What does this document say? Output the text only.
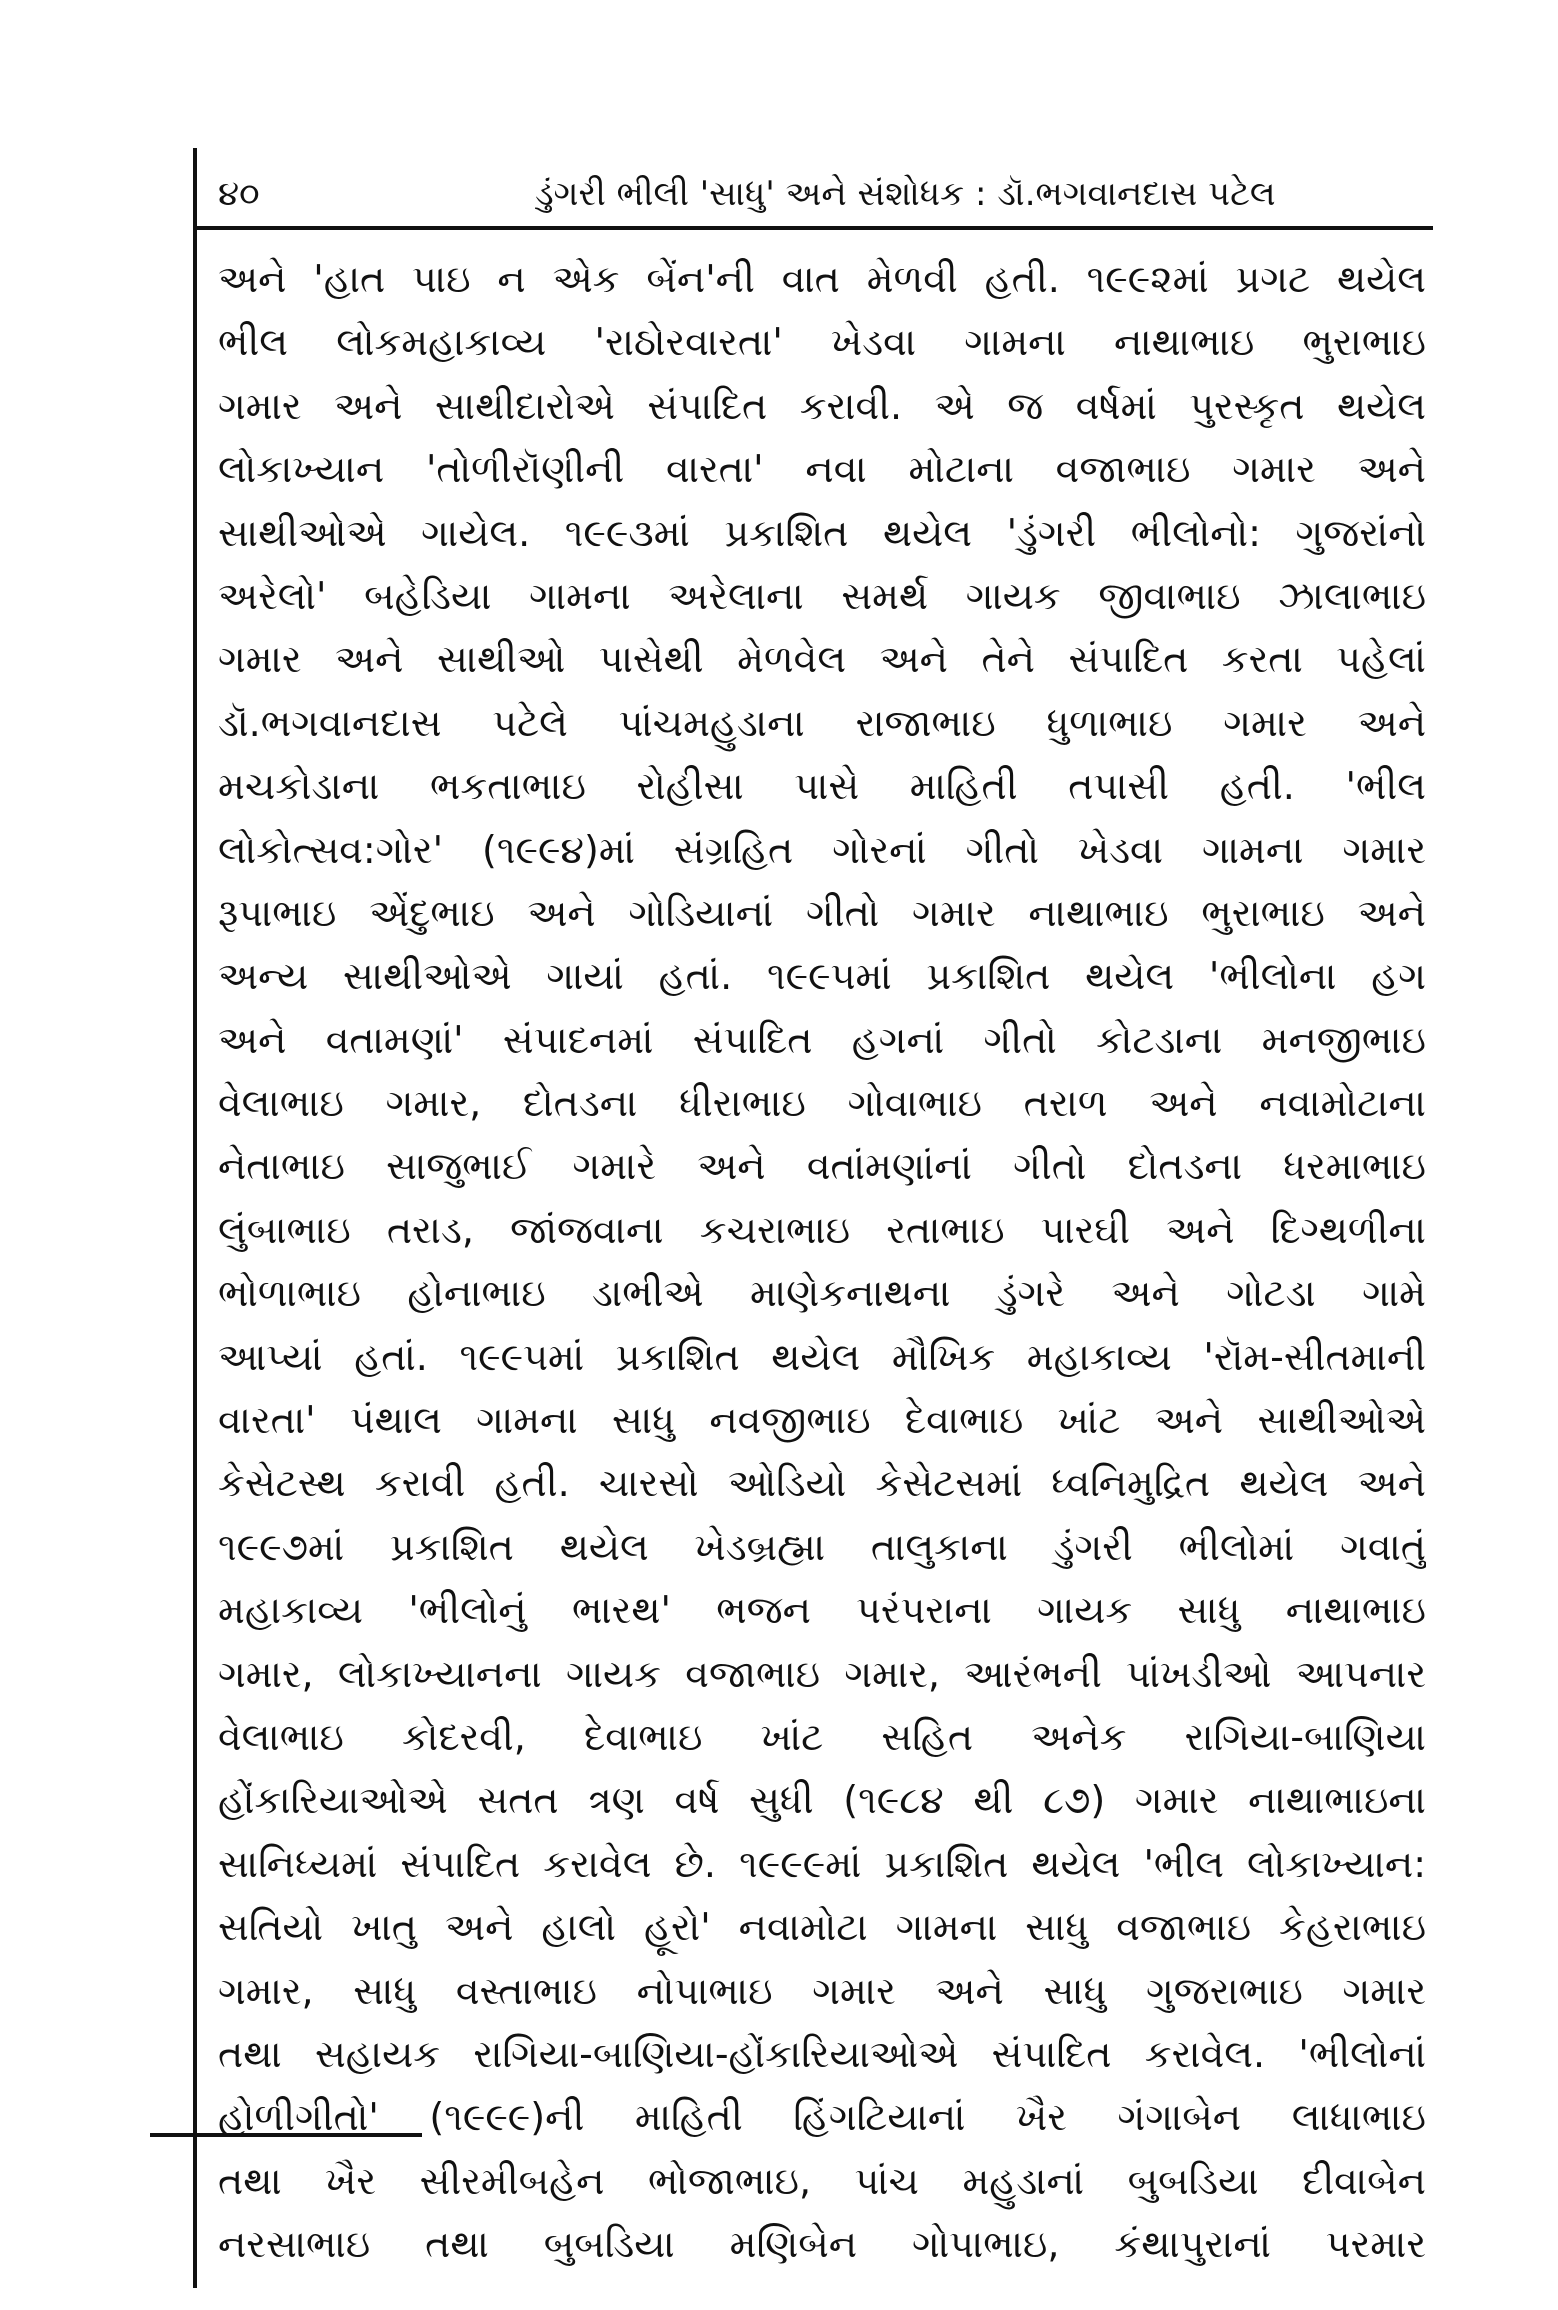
૪૦	ડુંગરી ભીલી 'સાધુ' અને સંશોધક : ડૉ.ભગવાનદાસ પટેલ
અને 'હાત પાઇ ન એક બેંન'ની વાત મેળવી હતી. ૧૯૯૨માં પ્રગટ થયેલ
ભીલ લોકમહાકાવ્ય 'રાઠોરવારતા' ખેડવા ગામના નાથાભાઇ ભુરાભાઇ
ગમાર અને સાથીદારોએ સંપાદિત કરાવી. એ જ વર્ષમાં પુરસ્કૃત થયેલ
લોકાખ્યાન 'તોળીરૉણીની વારતા' નવા મોટાના વજાભાઇ ગમાર અને
સાથીઓએ ગાયેલ. ૧૯૯૩માં પ્રકાશિત થયેલ 'ડુંગરી ભીલોનો: ગુજરાંનો
અરેલો' બહેડિયા ગામના અરેલાના સમર્થ ગાયક જીવાભાઇ ઝાલાભાઇ
ગમાર અને સાથીઓ પાસેથી મેળવેલ અને તેને સંપાદિત કરતા પહેલાં
ડૉ.ભગવાનદાસ પટેલે પાંચમહુડાના રાજાભાઇ ધુળાભાઇ ગમાર અને
મચકોડાના ભકતાભાઇ રોહીસા પાસે માહિતી તપાસી હતી. 'ભીલ
લોકોત્સવ:ગોર' (૧૯૯૪)માં સંગ્રહિત ગોરનાં ગીતો ખેડવા ગામના ગમાર
રૂપાભાઇ એંદુભાઇ અને ગોડિયાનાં ગીતો ગમાર નાથાભાઇ ભુરાભાઇ અને
અન્ય સાથીઓએ ગાયાં હતાં. ૧૯૯૫માં પ્રકાશિત થયેલ 'ભીલોના હગ
અને વતામણાં' સંપાદનમાં સંપાદિત હગનાં ગીતો કોટડાના મનજીભાઇ
વેલાભાઇ ગમાર, દોતડના ધીરાભાઇ ગોવાભાઇ તરાળ અને નવામોટાના
નેતાભાઇ સાજુભાઈ ગમારે અને વતાંમણાંનાં ગીતો દોતડના ધરમાભાઇ
લુંબાભાઇ તરાડ, જાંજવાના કચરાભાઇ રતાભાઇ પારઘી અને દિગ્થળીના
ભોળાભાઇ હોનાભાઇ ડાભીએ માણેકનાથના ડુંગરે અને ગોટડા ગામે
આપ્યાં હતાં. ૧૯૯૫માં પ્રકાશિત થયેલ મૌખિક મહાકાવ્ય 'રૉમ-સીતમાની
વારતા' પંથાલ ગામના સાધુ નવજીભાઇ દેવાભાઇ ખાંટ અને સાથીઓએ
કેસેટસ્થ કરાવી હતી. ચારસો ઓડિયો કેસેટસમાં ધ્વનિમુદ્રિત થયેલ અને
૧૯૯૭માં પ્રકાશિત થયેલ ખેડબ્રહ્મા તાલુકાના ડુંગરી ભીલોમાં ગવાતું
મહાકાવ્ય 'ભીલોનું ભારથ' ભજન પરંપરાના ગાયક સાધુ નાથાભાઇ
ગમાર, લોકાખ્યાનના ગાયક વજાભાઇ ગમાર, આરંભની પાંખડીઓ આપનાર
વેલાભાઇ કોદરવી, દેવાભાઇ ખાંટ સહિત અનેક રાગિયા-બાણિયા
હોંકારિયાઓએ સતત ત્રણ વર્ષ સુધી (૧૯૮૪ થી ૮૭) ગમાર નાથાભાઇના
સાનિધ્યમાં સંપાદિત કરાવેલ છે. ૧૯૯૯માં પ્રકાશિત થયેલ 'ભીલ લોકાખ્યાન:
સતિયો ખાતુ અને હાલો હૂરો' નવામોટા ગામના સાધુ વજાભાઇ કેહરાભાઇ
ગમાર, સાધુ વસ્તાભાઇ નોપાભાઇ ગમાર અને સાધુ ગુજરાભાઇ ગમાર
તથા સહાયક રાગિયા-બાણિયા-હોંકારિયાઓએ સંપાદિત કરાવેલ. 'ભીલોનાં
હોળીગીતો' (૧૯૯૯)ની માહિતી હિંગટિયાનાં ખૈર ગંગાબેન લાધાભાઇ
તથા ખૈર સીરમીબહેન ભોજાભાઇ, પાંચ મહુડાનાં બુબડિયા દીવાબેન
નરસાભાઇ તથા બુબડિયા મણિબેન ગોપાભાઇ, કંથાપુરાનાં પરમાર
